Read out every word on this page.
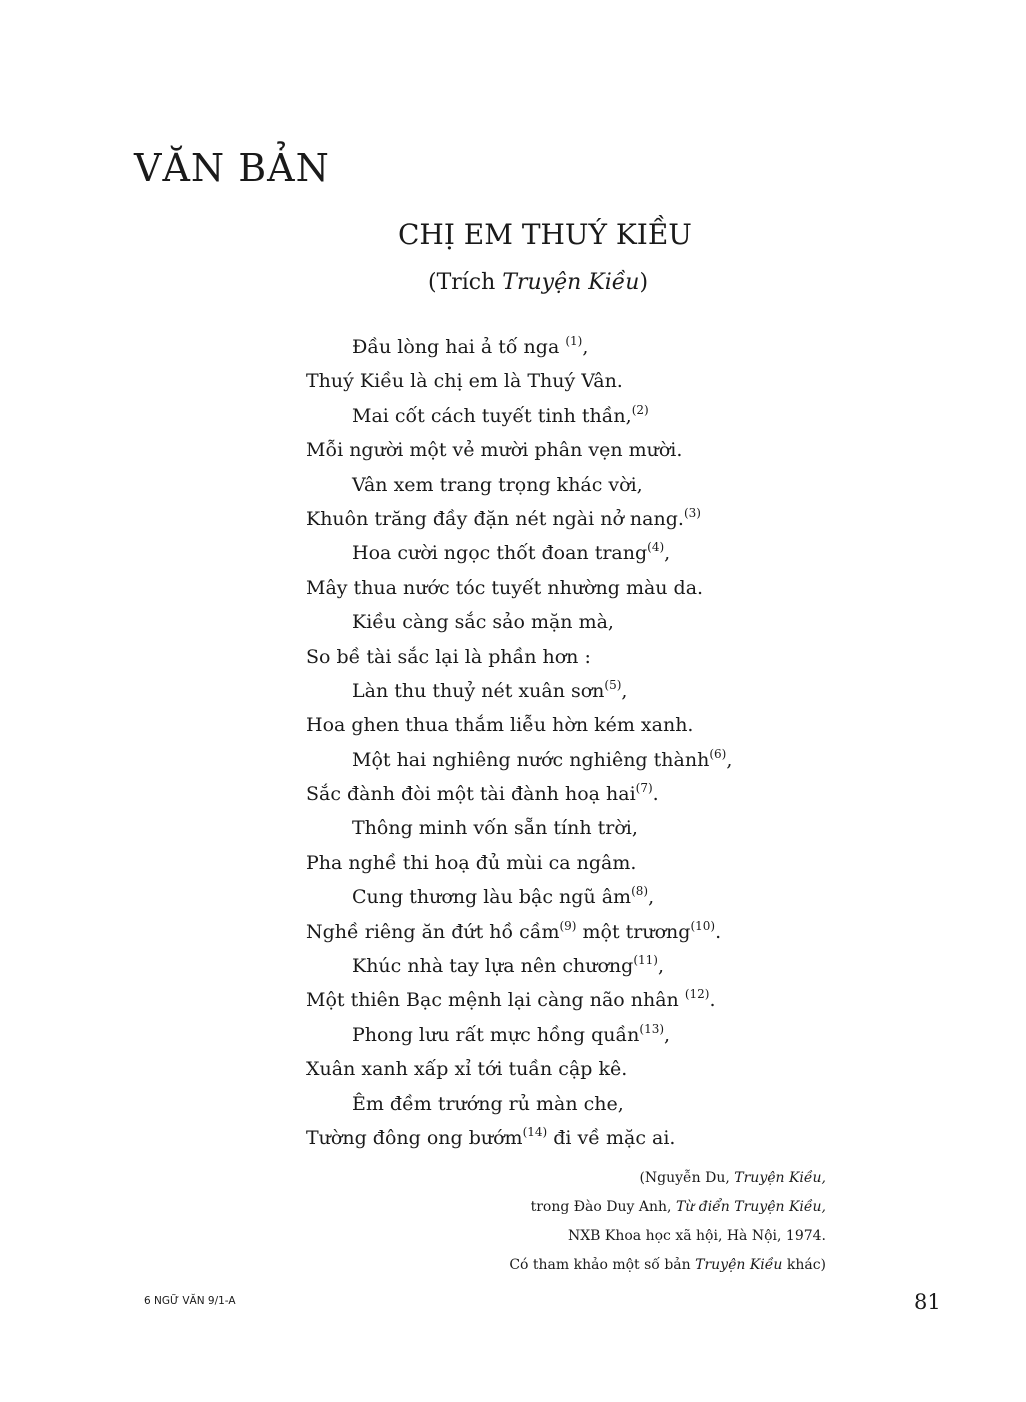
VĂN BẢN
CHỊ EM THUÝ KIỀU

(Trích Truyện Kiều)

Đầu lòng hai ả tố nga $^{(1)}$,
Thuý Kiều là chị em là Thuý Vân.
Mai cốt cách tuyết tinh thần,$^{(2)}$
Mỗi người một vẻ mười phân vẹn mười.
Vân xem trang trọng khác vời,
Khuôn trăng đầy đặn nét ngài nở nang.$^{(3)}$
Hoa cười ngọc thốt đoan trang$^{(4)}$,
Mây thua nước tóc tuyết nhường màu da.
Kiều càng sắc sảo mặn mà,
So bề tài sắc lại là phần hơn :
Làn thu thuỷ nét xuân sơn$^{(5)}$,
Hoa ghen thua thắm liễu hờn kém xanh.
Một hai nghiêng nước nghiêng thành$^{(6)}$,
Sắc đành đòi một tài đành hoạ hai$^{(7)}$.
Thông minh vốn sẵn tính trời,
Pha nghề thi hoạ đủ mùi ca ngâm.
Cung thương làu bậc ngũ $âm^{(8)}$,
Nghề riêng ăn đứt hồ cầm$^{(9)}$ một trương$^{(10)}$.
Khúc nhà tay lựa nên chương$^{(11)}$,
Một thiên Bạc mệnh lại càng não nhân $^{(12)}$.
Phong lưu rất mực hồng quần$^{(13)}$,
Xuân xanh xấp xỉ tới tuần cập kê.
Êm đềm trướng rủ màn che,
Tường đông ong bướm$^{(14)}$ đi về mặc ai.
(Nguyễn Du, Truyện Kiều,
trong Đào Duy Anh, Từ điển Truyện Kiều,
NXB Khoa học xã hội, Hà Nội, 1974.
Có tham khảo một số bản Truyện Kiều khác)
6 NGỮ VĂN 9/1-A	81
